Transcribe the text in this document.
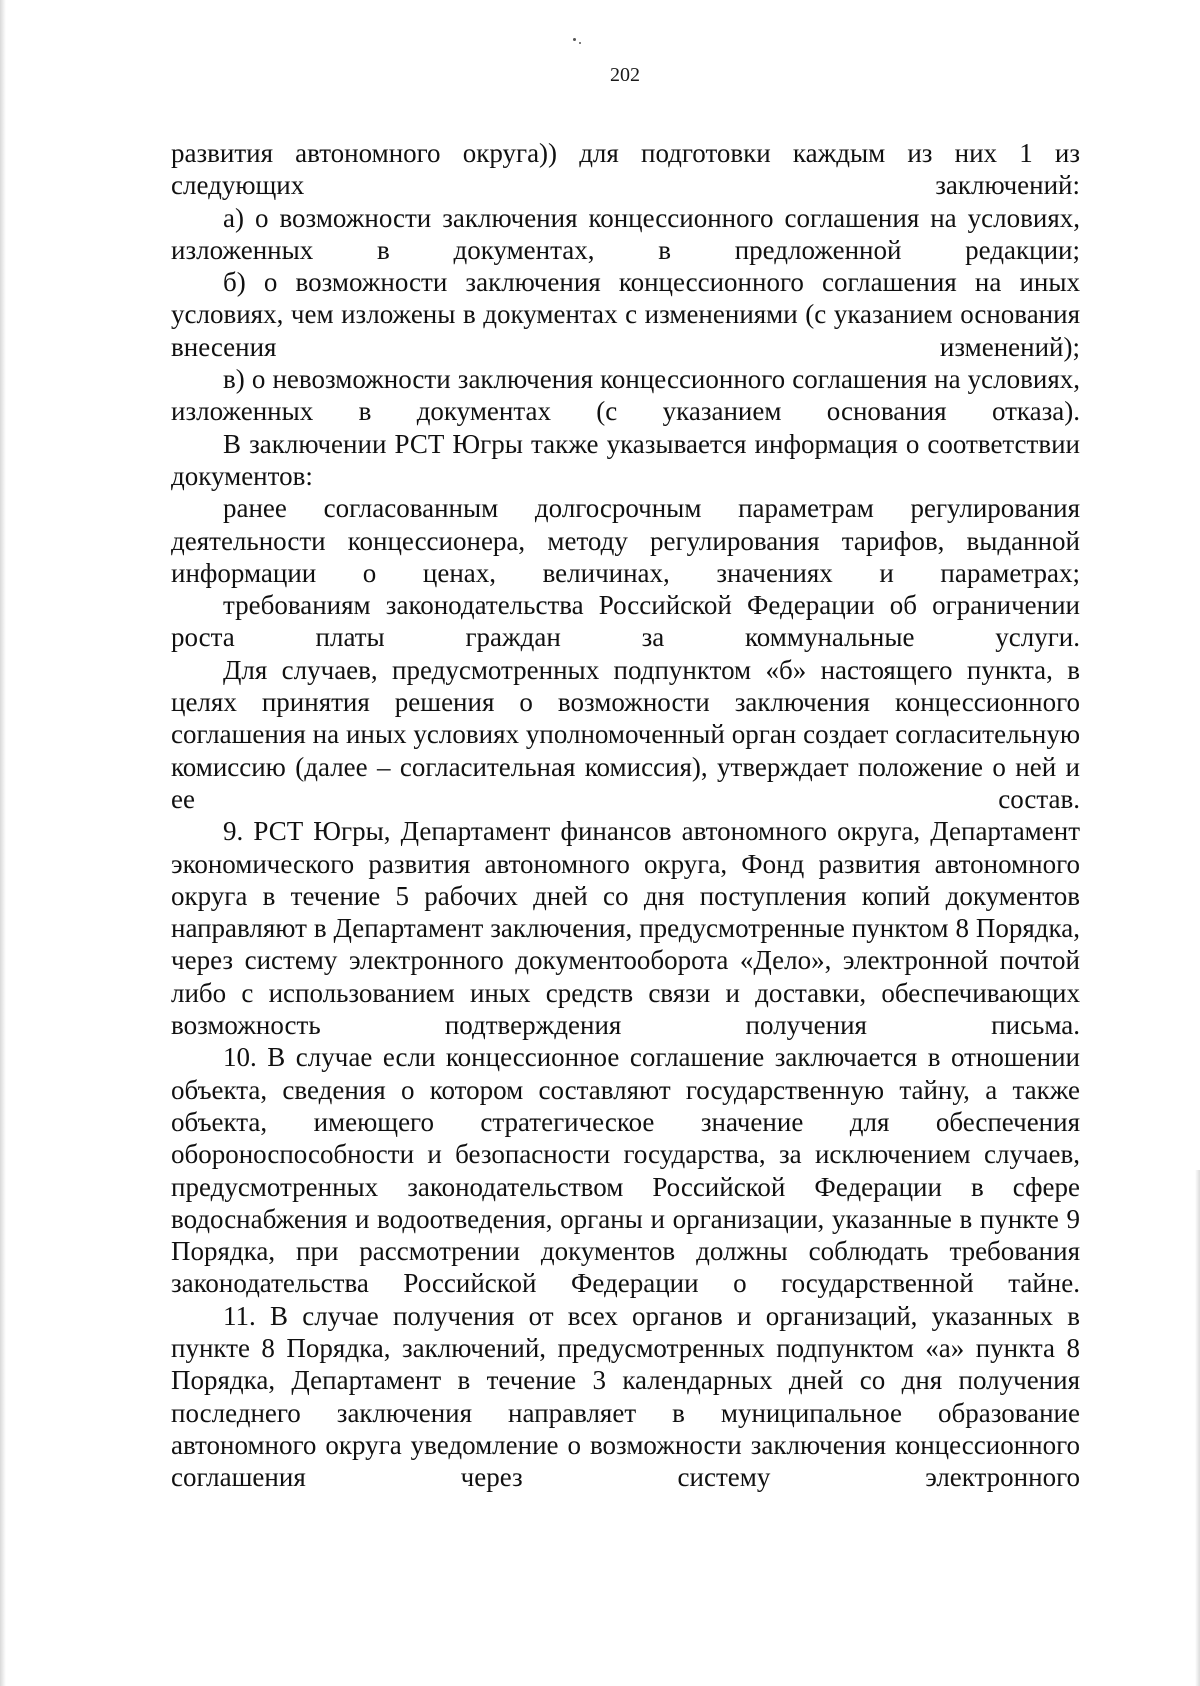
202

развития автономного округа)) для подготовки каждым из них 1 из следующих заключений:

а) о возможности заключения концессионного соглашения на условиях, изложенных в документах, в предложенной редакции;

б) о возможности заключения концессионного соглашения на иных условиях, чем изложены в документах с изменениями (с указанием основания внесения изменений);

в) о невозможности заключения концессионного соглашения на условиях, изложенных в документах (с указанием основания отказа).

В заключении РСТ Югры также указывается информация о соответствии документов:

ранее согласованным долгосрочным параметрам регулирования деятельности концессионера, методу регулирования тарифов, выданной информации о ценах, величинах, значениях и параметрах;

требованиям законодательства Российской Федерации об ограничении роста платы граждан за коммунальные услуги.

Для случаев, предусмотренных подпунктом «б» настоящего пункта, в целях принятия решения о возможности заключения концессионного соглашения на иных условиях уполномоченный орган создает согласительную комиссию (далее – согласительная комиссия), утверждает положение о ней и ее состав.

9. РСТ Югры, Департамент финансов автономного округа, Департамент экономического развития автономного округа, Фонд развития автономного округа в течение 5 рабочих дней со дня поступления копий документов направляют в Департамент заключения, предусмотренные пунктом 8 Порядка, через систему электронного документооборота «Дело», электронной почтой либо с использованием иных средств связи и доставки, обеспечивающих возможность подтверждения получения письма.

10. В случае если концессионное соглашение заключается в отношении объекта, сведения о котором составляют государственную тайну, а также объекта, имеющего стратегическое значение для обеспечения обороноспособности и безопасности государства, за исключением случаев, предусмотренных законодательством Российской Федерации в сфере водоснабжения и водоотведения, органы и организации, указанные в пункте 9 Порядка, при рассмотрении документов должны соблюдать требования законодательства Российской Федерации о государственной тайне.

11. В случае получения от всех органов и организаций, указанных в пункте 8 Порядка, заключений, предусмотренных подпунктом «а» пункта 8 Порядка, Департамент в течение 3 календарных дней со дня получения последнего заключения направляет в муниципальное образование автономного округа уведомление о возможности заключения концессионного соглашения через систему электронного
